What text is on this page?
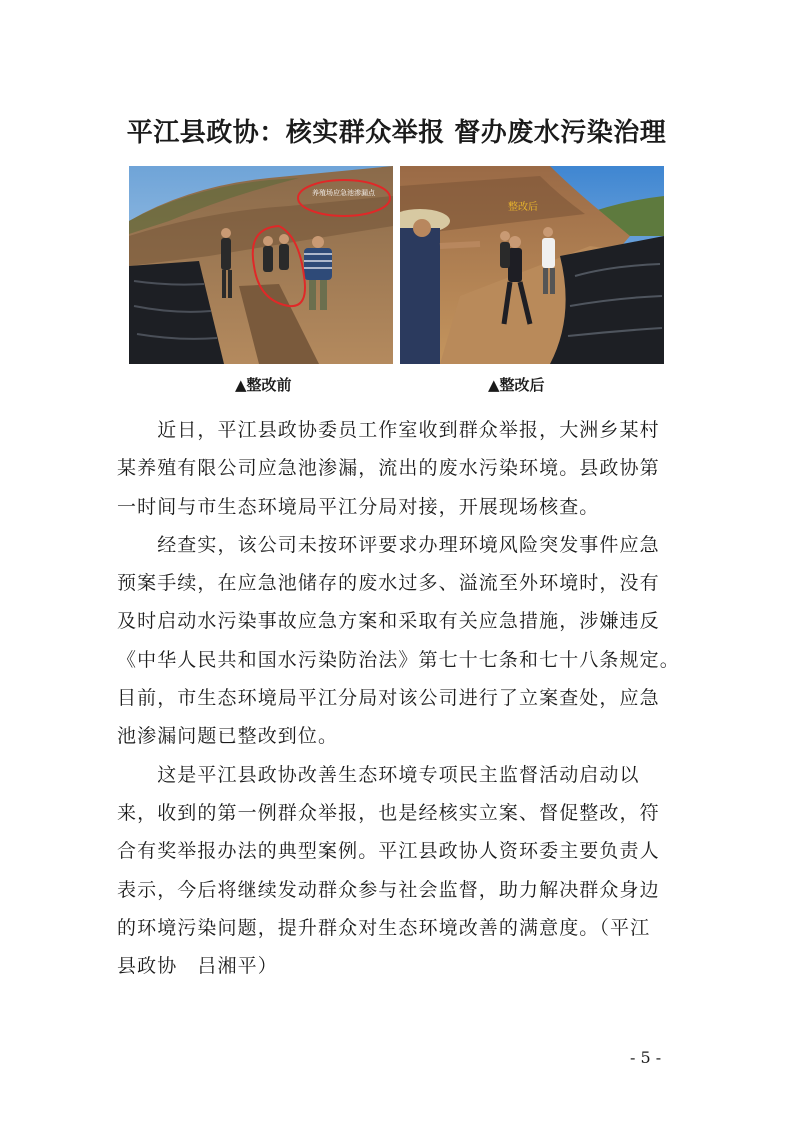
平江县政协：核实群众举报 督办废水污染治理
养殖场应急池渗漏点
整改后
▲整改前	▲整改后
　　近日，平江县政协委员工作室收到群众举报，大洲乡某村
某养殖有限公司应急池渗漏，流出的废水污染环境。县政协第
一时间与市生态环境局平江分局对接，开展现场核查。
　　经查实，该公司未按环评要求办理环境风险突发事件应急
预案手续，在应急池储存的废水过多、溢流至外环境时，没有
及时启动水污染事故应急方案和采取有关应急措施，涉嫌违反
《中华人民共和国水污染防治法》第七十七条和七十八条规定。
目前，市生态环境局平江分局对该公司进行了立案查处，应急
池渗漏问题已整改到位。
　　这是平江县政协改善生态环境专项民主监督活动启动以
来，收到的第一例群众举报，也是经核实立案、督促整改，符
合有奖举报办法的典型案例。平江县政协人资环委主要负责人
表示，今后将继续发动群众参与社会监督，助力解决群众身边
的环境污染问题，提升群众对生态环境改善的满意度。（平江
县政协　吕湘平）
- 5 -
